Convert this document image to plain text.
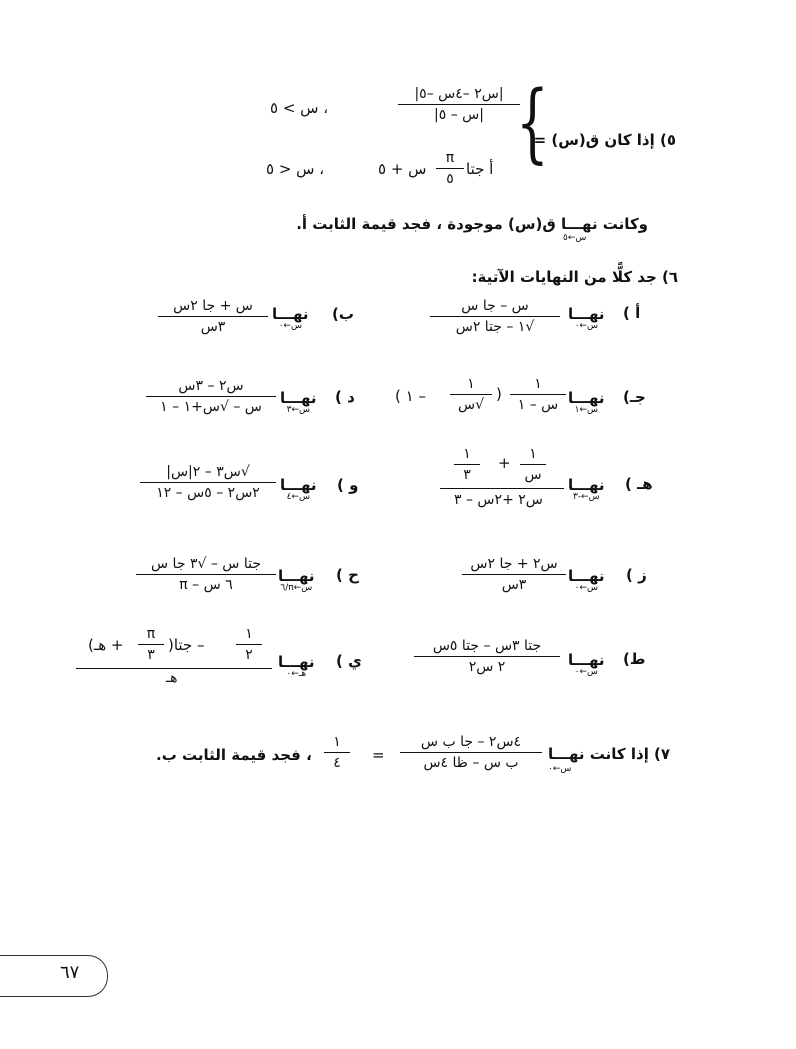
٥) إذا كان ق(س) =
{
|س٢ –٤س –٥|
|س – ٥|
، س > ٥
أ جتا
π
٥
س + ٥
، س < ٥
وكانت نهـــا ق(س) موجودة ، فجد قيمة الثابت أ.
س←٥
٦) جد كلًّا من النهايات الآتية:
أ )
نهـــا
س←٠
س – جا س
√١ – جتا ٢س
ب)
نهـــا
س←٠
س + جا ٢س
٣س
جـ)
نهـــا
س←١
١
س – ١
(
١
√س
– ١ )
د )
نهـــا
س←٣
س٢ – ٣س
س – √س+١ – ١
هـ )
نهـــا
س←-٣
١
٣
+ ١
س
س٢ +٢س – ٣
و )
نهـــا
س←٤
√س٣ – ٢|س|
٢س٢ – ٥س – ١٢
ز )
نهـــا
س←٠
س٢ + جا ٢س
٣س
ح )
نهـــا
س←π/٦
جتا س – √٣ جا س
٦ س – π
ط)
نهـــا
س←٠
جتا ٣س – جتا ٥س
٢ س٢
ي )
نهـــا
هـ←٠
+ هـ)
π
٣
– جتا(
١
٢
هـ
٧) إذا كانت نهـــا
س←٠
٤س٢ – جا ب س
ب س – ظا ٤س
=
١
٤
، فجد قيمة الثابت ب.
٦٧
